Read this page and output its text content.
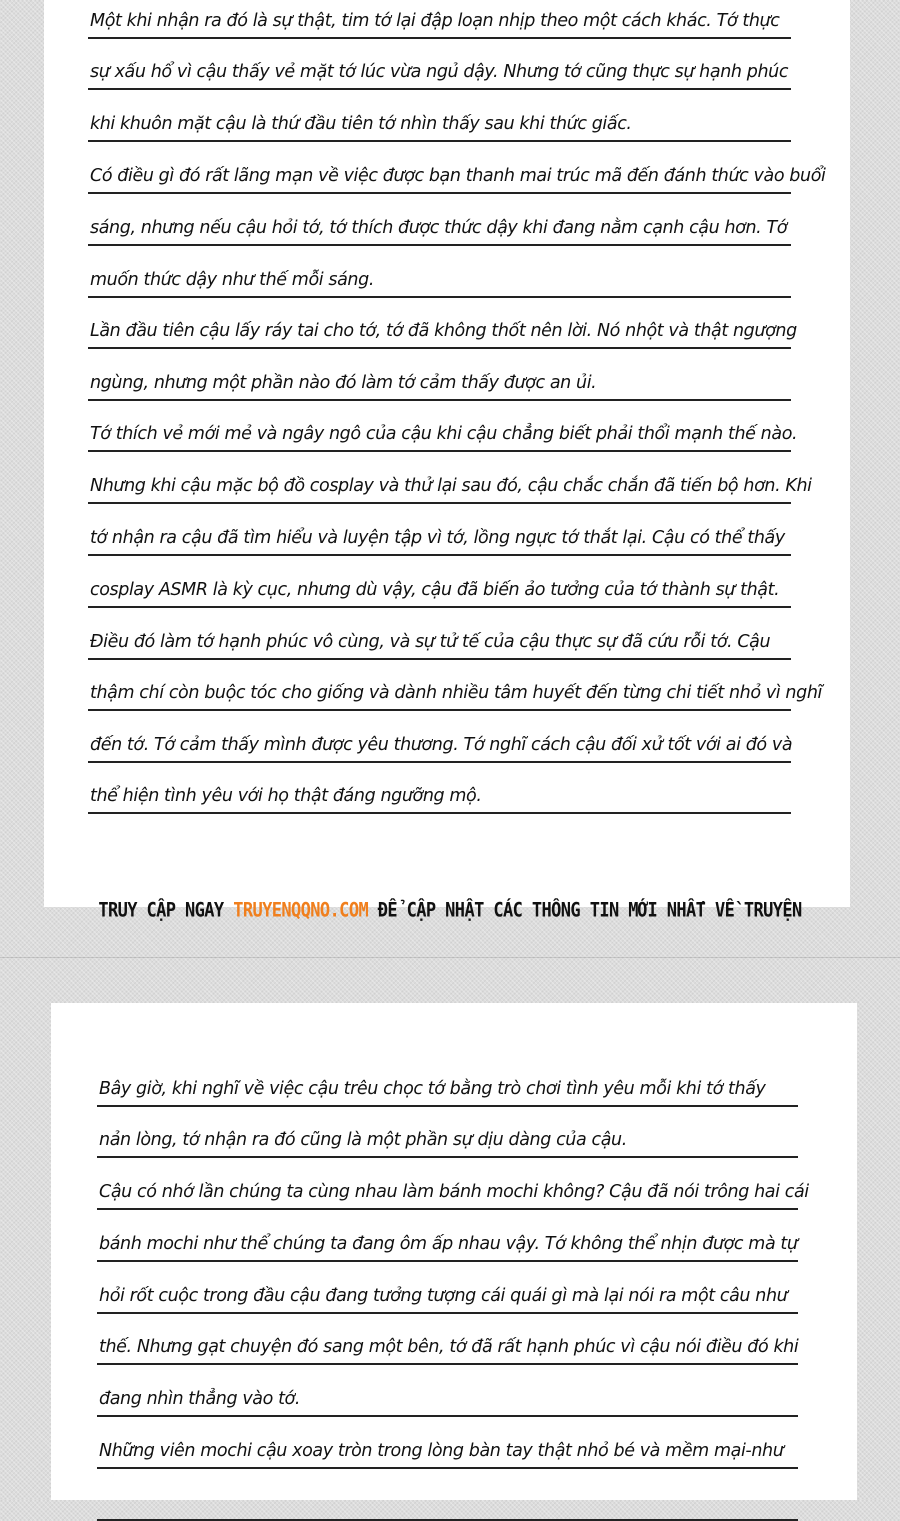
Một khi nhận ra đó là sự thật, tim tớ lại đập loạn nhịp theo một cách khác. Tớ thực
sự xấu hổ vì cậu thấy vẻ mặt tớ lúc vừa ngủ dậy. Nhưng tớ cũng thực sự hạnh phúc
khi khuôn mặt cậu là thứ đầu tiên tớ nhìn thấy sau khi thức giấc.
Có điều gì đó rất lãng mạn về việc được bạn thanh mai trúc mã đến đánh thức vào buổi
sáng, nhưng nếu cậu hỏi tớ, tớ thích được thức dậy khi đang nằm cạnh cậu hơn. Tớ
muốn thức dậy như thế mỗi sáng.
Lần đầu tiên cậu lấy ráy tai cho tớ, tớ đã không thốt nên lời. Nó nhột và thật ngượng
ngùng, nhưng một phần nào đó làm tớ cảm thấy được an ủi.
Tớ thích vẻ mới mẻ và ngây ngô của cậu khi cậu chẳng biết phải thổi mạnh thế nào.
Nhưng khi cậu mặc bộ đồ cosplay và thử lại sau đó, cậu chắc chắn đã tiến bộ hơn. Khi
tớ nhận ra cậu đã tìm hiểu và luyện tập vì tớ, lồng ngực tớ thắt lại. Cậu có thể thấy
cosplay ASMR là kỳ cục, nhưng dù vậy, cậu đã biến ảo tưởng của tớ thành sự thật.
Điều đó làm tớ hạnh phúc vô cùng, và sự tử tế của cậu thực sự đã cứu rỗi tớ. Cậu
thậm chí còn buộc tóc cho giống và dành nhiều tâm huyết đến từng chi tiết nhỏ vì nghĩ
đến tớ. Tớ cảm thấy mình được yêu thương. Tớ nghĩ cách cậu đối xử tốt với ai đó và
thể hiện tình yêu với họ thật đáng ngưỡng mộ.
TRUY CẬP NGAY TRUYENQQNO.COM ĐỂ CẬP NHẬT CÁC THÔNG TIN MỚI NHẤT VỀ TRUYỆN
Bây giờ, khi nghĩ về việc cậu trêu chọc tớ bằng trò chơi tình yêu mỗi khi tớ thấy
nản lòng, tớ nhận ra đó cũng là một phần sự dịu dàng của cậu.
Cậu có nhớ lần chúng ta cùng nhau làm bánh mochi không? Cậu đã nói trông hai cái
bánh mochi như thể chúng ta đang ôm ấp nhau vậy. Tớ không thể nhịn được mà tự
hỏi rốt cuộc trong đầu cậu đang tưởng tượng cái quái gì mà lại nói ra một câu như
thế. Nhưng gạt chuyện đó sang một bên, tớ đã rất hạnh phúc vì cậu nói điều đó khi
đang nhìn thẳng vào tớ.
Những viên mochi cậu xoay tròn trong lòng bàn tay thật nhỏ bé và mềm mại-như
